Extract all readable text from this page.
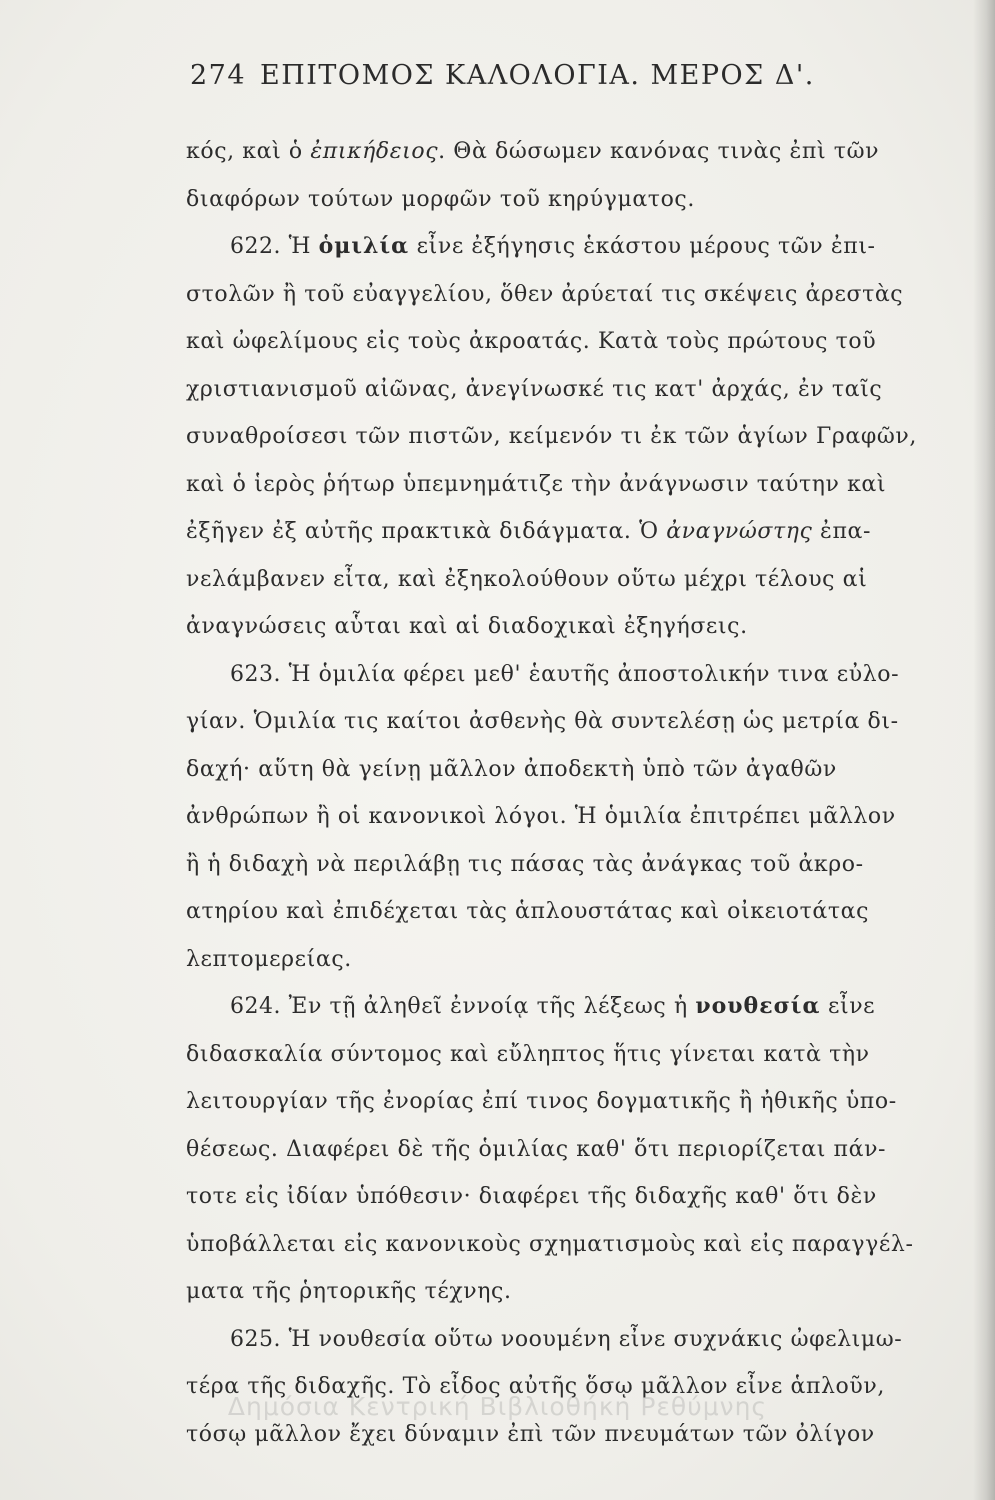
274 ΕΠΙΤΟΜΟΣ ΚΑΛΟΛΟΓΙΑ. ΜΕΡΟΣ Δ'.
κός, καὶ ὁ ἐπικήδειος. Θὰ δώσωμεν κανόνας τινὰς ἐπὶ τῶν
διαφόρων τούτων μορφῶν τοῦ κηρύγματος.
622. Ἡ ὁμιλία εἶνε ἐξήγησις ἑκάστου μέρους τῶν ἐπι-
στολῶν ἢ τοῦ εὐαγγελίου, ὅθεν ἀρύεταί τις σκέψεις ἀρεστὰς
καὶ ὠφελίμους εἰς τοὺς ἀκροατάς. Κατὰ τοὺς πρώτους τοῦ
χριστιανισμοῦ αἰῶνας, ἀνεγίνωσκέ τις κατ' ἀρχάς, ἐν ταῖς
συναθροίσεσι τῶν πιστῶν, κείμενόν τι ἐκ τῶν ἁγίων Γραφῶν,
καὶ ὁ ἱερὸς ῥήτωρ ὑπεμνημάτιζε τὴν ἀνάγνωσιν ταύτην καὶ
ἐξῆγεν ἐξ αὐτῆς πρακτικὰ διδάγματα. Ὁ ἀναγνώστης ἐπα-
νελάμβανεν εἶτα, καὶ ἐξηκολούθουν οὕτω μέχρι τέλους αἱ
ἀναγνώσεις αὗται καὶ αἱ διαδοχικαὶ ἐξηγήσεις.
623. Ἡ ὁμιλία φέρει μεθ' ἑαυτῆς ἀποστολικήν τινα εὐλο-
γίαν. Ὁμιλία τις καίτοι ἀσθενὴς θὰ συντελέσῃ ὡς μετρία δι-
δαχή· αὕτη θὰ γείνῃ μᾶλλον ἀποδεκτὴ ὑπὸ τῶν ἀγαθῶν
ἀνθρώπων ἢ οἱ κανονικοὶ λόγοι. Ἡ ὁμιλία ἐπιτρέπει μᾶλλον
ἢ ἡ διδαχὴ νὰ περιλάβῃ τις πάσας τὰς ἀνάγκας τοῦ ἀκρο-
ατηρίου καὶ ἐπιδέχεται τὰς ἁπλουστάτας καὶ οἰκειοτάτας
λεπτομερείας.
624. Ἐν τῇ ἀληθεῖ ἐννοίᾳ τῆς λέξεως ἡ νουθεσία εἶνε
διδασκαλία σύντομος καὶ εὔληπτος ἥτις γίνεται κατὰ τὴν
λειτουργίαν τῆς ἐνορίας ἐπί τινος δογματικῆς ἢ ἠθικῆς ὑπο-
θέσεως. Διαφέρει δὲ τῆς ὁμιλίας καθ' ὅτι περιορίζεται πάν-
τοτε εἰς ἰδίαν ὑπόθεσιν· διαφέρει τῆς διδαχῆς καθ' ὅτι δὲν
ὑποβάλλεται εἰς κανονικοὺς σχηματισμοὺς καὶ εἰς παραγγέλ-
ματα τῆς ῥητορικῆς τέχνης.
625. Ἡ νουθεσία οὕτω νοουμένη εἶνε συχνάκις ὠφελιμω-
τέρα τῆς διδαχῆς. Τὸ εἶδος αὐτῆς ὅσῳ μᾶλλον εἶνε ἁπλοῦν,
τόσῳ μᾶλλον ἔχει δύναμιν ἐπὶ τῶν πνευμάτων τῶν ὀλίγον
Δημόσια Κεντρική Βιβλιοθήκη Ρεθύμνης
